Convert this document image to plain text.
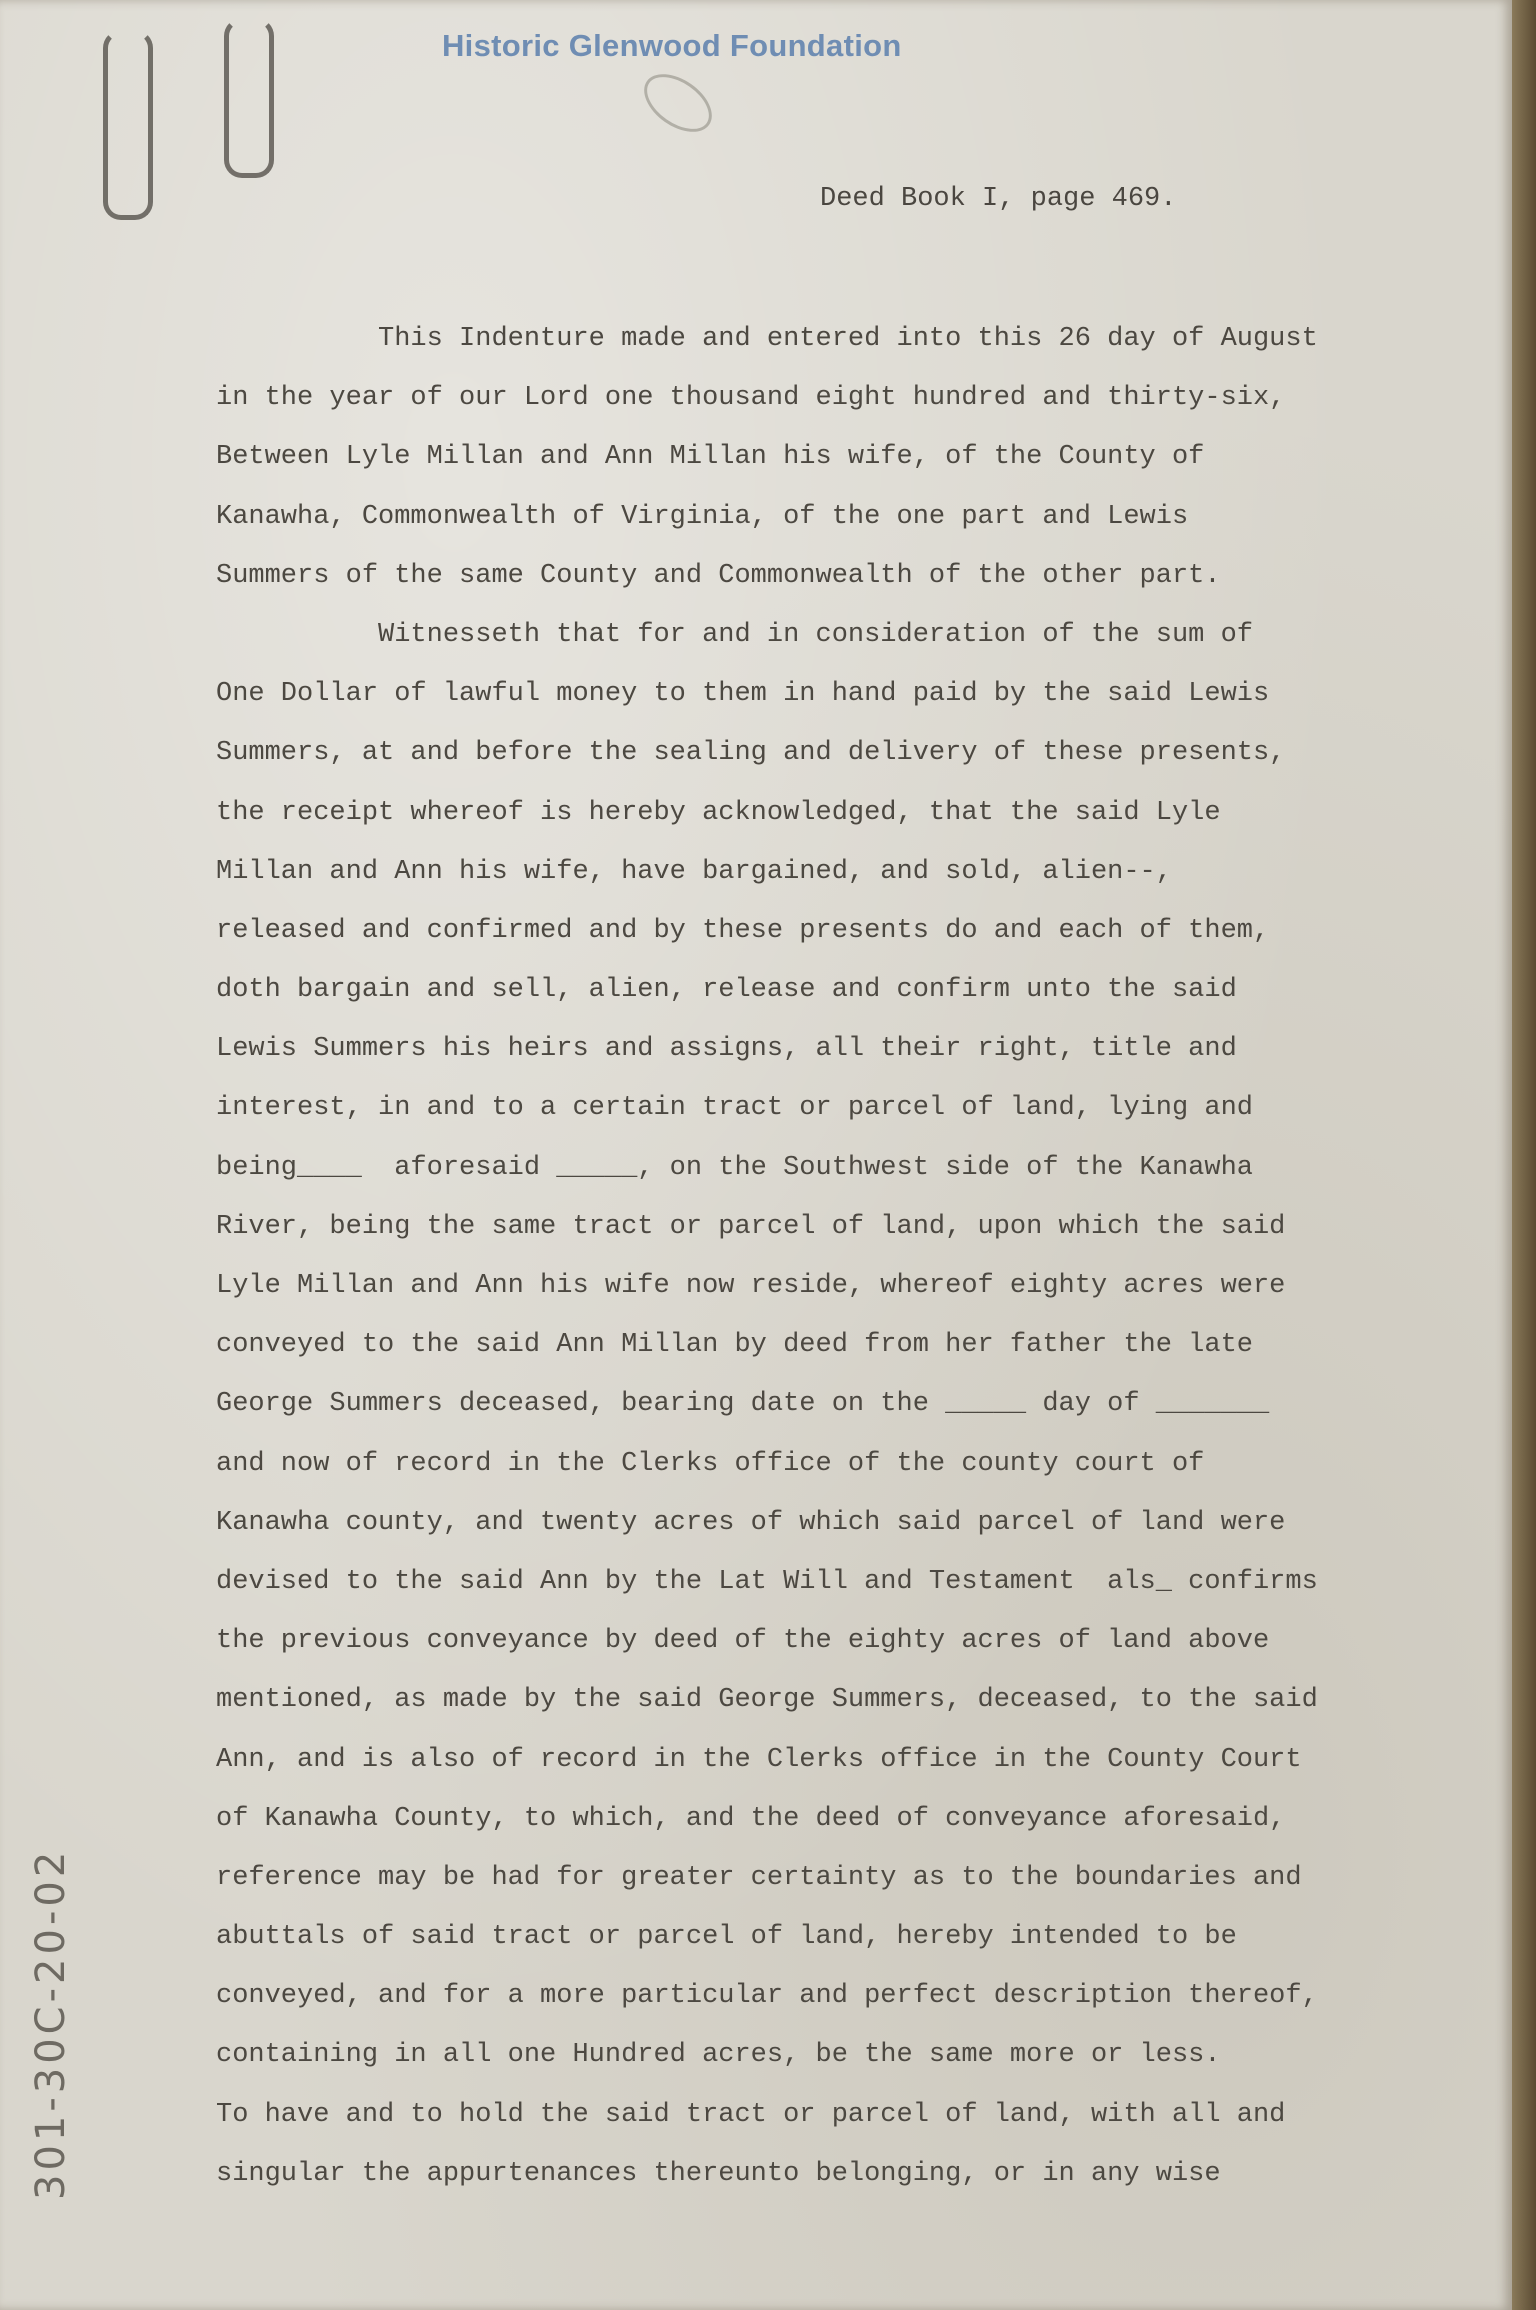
Historic Glenwood Foundation
Deed Book I, page 469.
This Indenture made and entered into this 26 day of August
in the year of our Lord one thousand eight hundred and thirty-six,
Between Lyle Millan and Ann Millan his wife, of the County of
Kanawha, Commonwealth of Virginia, of the one part and Lewis
Summers of the same County and Commonwealth of the other part.
Witnesseth that for and in consideration of the sum of
One Dollar of lawful money to them in hand paid by the said Lewis
Summers, at and before the sealing and delivery of these presents,
the receipt whereof is hereby acknowledged, that the said Lyle
Millan and Ann his wife, have bargained, and sold, alien--,
released and confirmed and by these presents do and each of them,
doth bargain and sell, alien, release and confirm unto the said
Lewis Summers his heirs and assigns, all their right, title and
interest, in and to a certain tract or parcel of land, lying and
being____  aforesaid _____, on the Southwest side of the Kanawha
River, being the same tract or parcel of land, upon which the said
Lyle Millan and Ann his wife now reside, whereof eighty acres were
conveyed to the said Ann Millan by deed from her father the late
George Summers deceased, bearing date on the _____ day of _______
and now of record in the Clerks office of the county court of
Kanawha county, and twenty acres of which said parcel of land were
devised to the said Ann by the Lat Will and Testament  als_ confirms
the previous conveyance by deed of the eighty acres of land above
mentioned, as made by the said George Summers, deceased, to the said
Ann, and is also of record in the Clerks office in the County Court
of Kanawha County, to which, and the deed of conveyance aforesaid,
reference may be had for greater certainty as to the boundaries and
abuttals of said tract or parcel of land, hereby intended to be
conveyed, and for a more particular and perfect description thereof,
containing in all one Hundred acres, be the same more or less.
To have and to hold the said tract or parcel of land, with all and
singular the appurtenances thereunto belonging, or in any wise
301-30C-20-02
